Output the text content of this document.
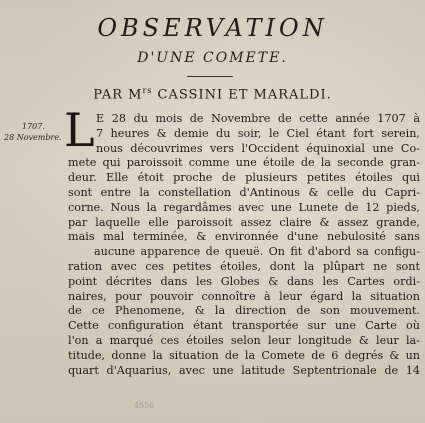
OBSERVATION
D'UNE COMETE.
PAR $M^{rs}$ CASSINI ET MARALDI.
1707.
28 Novembre. L E 28 du mois de Novembre de cette année 1707 à
7 heures & demie du soir, le Ciel étant fort serein,
nous découvrimes vers l'Occident équinoxial une Co-
mete qui paroissoit comme une étoile de la seconde gran-
deur. Elle étoit proche de plusieurs petites étoiles qui
sont entre la constellation d'Antinous & celle du Capri-
corne. Nous la regardâmes avec une Lunete de 12 pieds,
par laquelle elle paroissoit assez claire & assez grande,
mais mal terminée, & environnée d'une nebulosité sans
aucune apparence de queuë. On fit d'abord sa configu-
ration avec ces petites étoiles, dont la plûpart ne sont
point décrites dans les Globes & dans les Cartes ordi-
naires, pour pouvoir connoître à leur égard la situation
de ce Phenomene, & la direction de son mouvement.
Cette configuration étant transportée sur une Carte où
l'on a marqué ces étoiles selon leur longitude & leur la-
titude, donne la situation de la Comete de 6 degrés & un
quart d'Aquarius, avec une latitude Septentrionale de 14
4556
